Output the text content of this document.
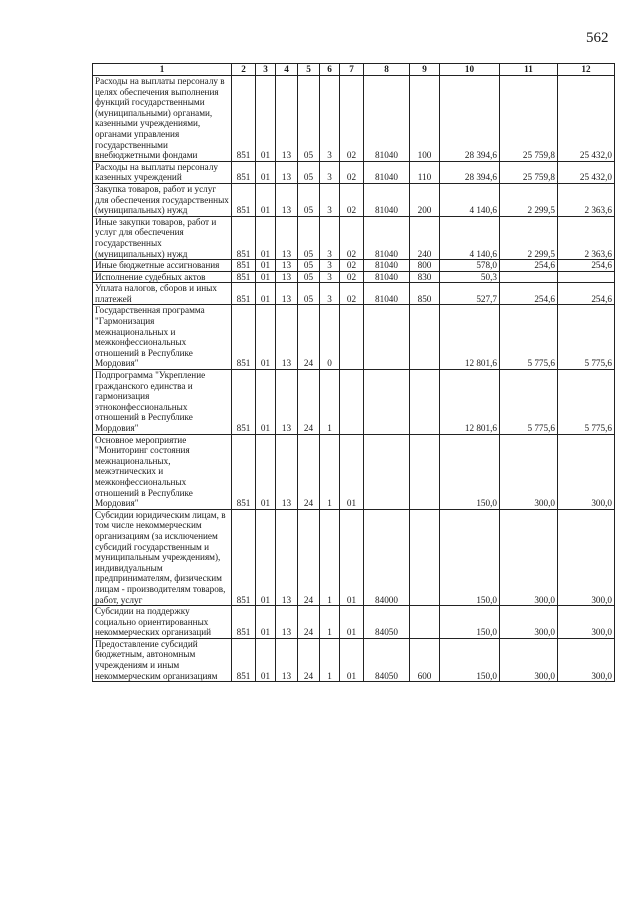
562
1	2	3	4	5	6	7	8	9	10	11	12
Расходы на выплаты персоналу в целях обеспечения выполнения функций государственными (муниципальными) органами, казенными учреждениями, органами управления государственными внебюджетными фондами	851	01	13	05	3	02	81040	100	28 394,6	25 759,8	25 432,0
Расходы на выплаты персоналу казенных учреждений	851	01	13	05	3	02	81040	110	28 394,6	25 759,8	25 432,0
Закупка товаров, работ и услуг для обеспечения государственных (муниципальных) нужд	851	01	13	05	3	02	81040	200	4 140,6	2 299,5	2 363,6
Иные закупки товаров, работ и услуг для обеспечения государственных (муниципальных) нужд	851	01	13	05	3	02	81040	240	4 140,6	2 299,5	2 363,6
Иные бюджетные ассигнования	851	01	13	05	3	02	81040	800	578,0	254,6	254,6
Исполнение судебных актов	851	01	13	05	3	02	81040	830	50,3		
Уплата налогов, сборов и иных платежей	851	01	13	05	3	02	81040	850	527,7	254,6	254,6
Государственная программа "Гармонизация межнациональных и межконфессиональных отношений в Республике Мордовия"	851	01	13	24	0				12 801,6	5 775,6	5 775,6
Подпрограмма "Укрепление гражданского единства и гармонизация этноконфессиональных отношений в Республике Мордовия"	851	01	13	24	1				12 801,6	5 775,6	5 775,6
Основное мероприятие "Мониторинг состояния межнациональных, межэтнических и межконфессиональных отношений в Республике Мордовия"	851	01	13	24	1	01			150,0	300,0	300,0
Субсидии юридическим лицам, в том числе некоммерческим организациям (за исключением субсидий государственным и муниципальным учреждениям), индивидуальным предпринимателям, физическим лицам - производителям товаров, работ, услуг	851	01	13	24	1	01	84000		150,0	300,0	300,0
Субсидии на поддержку социально ориентированных некоммерческих организаций	851	01	13	24	1	01	84050		150,0	300,0	300,0
Предоставление субсидий бюджетным, автономным учреждениям и иным некоммерческим организациям	851	01	13	24	1	01	84050	600	150,0	300,0	300,0
